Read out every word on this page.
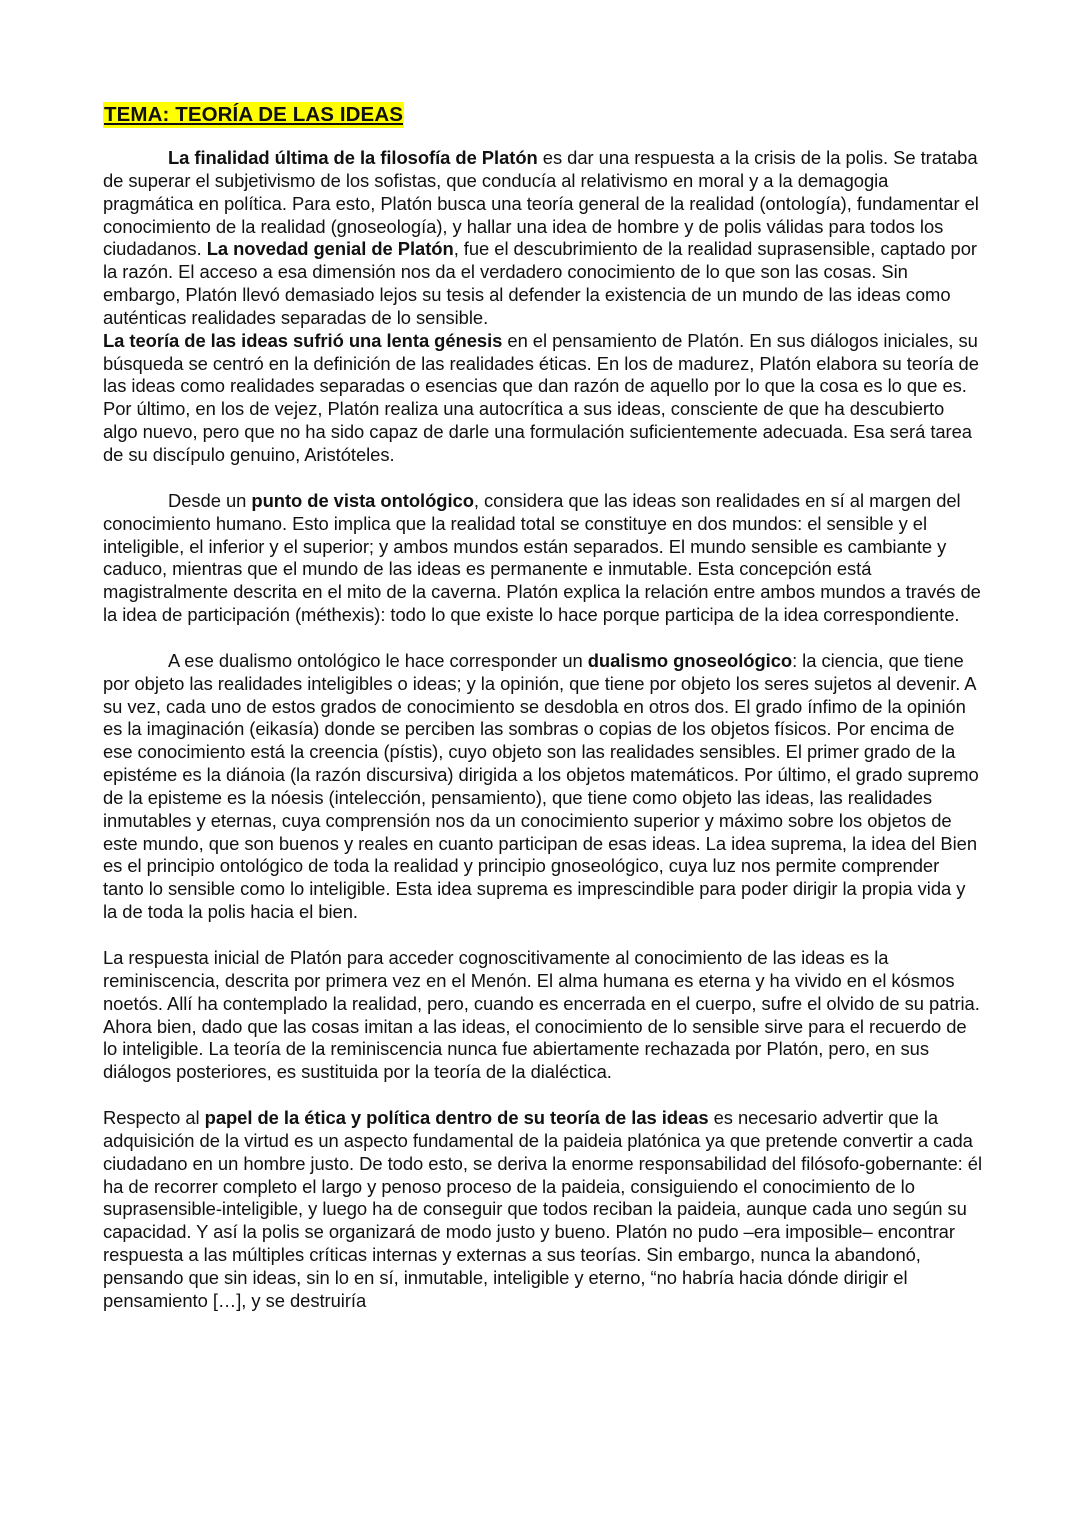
TEMA: TEORÍA DE LAS IDEAS

La finalidad última de la filosofía de Platón es dar una respuesta a la crisis de la polis. Se trataba de superar el subjetivismo de los sofistas, que conducía al relativismo en moral y a la demagogia pragmática en política. Para esto, Platón busca una teoría general de la realidad (ontología), fundamentar el conocimiento de la realidad (gnoseología), y hallar una idea de hombre y de polis válidas para todos los ciudadanos. La novedad genial de Platón, fue el descubrimiento de la realidad suprasensible, captado por la razón. El acceso a esa dimensión nos da el verdadero conocimiento de lo que son las cosas. Sin embargo, Platón llevó demasiado lejos su tesis al defender la existencia de un mundo de las ideas como auténticas realidades separadas de lo sensible.

La teoría de las ideas sufrió una lenta génesis en el pensamiento de Platón. En sus diálogos iniciales, su búsqueda se centró en la definición de las realidades éticas. En los de madurez, Platón elabora su teoría de las ideas como realidades separadas o esencias que dan razón de aquello por lo que la cosa es lo que es. Por último, en los de vejez, Platón realiza una autocrítica a sus ideas, consciente de que ha descubierto algo nuevo, pero que no ha sido capaz de darle una formulación suficientemente adecuada. Esa será tarea de su discípulo genuino, Aristóteles.

Desde un punto de vista ontológico, considera que las ideas son realidades en sí al margen del conocimiento humano. Esto implica que la realidad total se constituye en dos mundos: el sensible y el inteligible, el inferior y el superior; y ambos mundos están separados. El mundo sensible es cambiante y caduco, mientras que el mundo de las ideas es permanente e inmutable. Esta concepción está magistralmente descrita en el mito de la caverna. Platón explica la relación entre ambos mundos a través de la idea de participación (méthexis): todo lo que existe lo hace porque participa de la idea correspondiente.

A ese dualismo ontológico le hace corresponder un dualismo gnoseológico: la ciencia, que tiene por objeto las realidades inteligibles o ideas; y la opinión, que tiene por objeto los seres sujetos al devenir. A su vez, cada uno de estos grados de conocimiento se desdobla en otros dos. El grado ínfimo de la opinión es la imaginación (eikasía) donde se perciben las sombras o copias de los objetos físicos. Por encima de ese conocimiento está la creencia (pístis), cuyo objeto son las realidades sensibles. El primer grado de la epistéme es la diánoia (la razón discursiva) dirigida a los objetos matemáticos. Por último, el grado supremo de la episteme es la nóesis (intelección, pensamiento), que tiene como objeto las ideas, las realidades inmutables y eternas, cuya comprensión nos da un conocimiento superior y máximo sobre los objetos de este mundo, que son buenos y reales en cuanto participan de esas ideas. La idea suprema, la idea del Bien es el principio ontológico de toda la realidad y principio gnoseológico, cuya luz nos permite comprender tanto lo sensible como lo inteligible. Esta idea suprema es imprescindible para poder dirigir la propia vida y la de toda la polis hacia el bien.

La respuesta inicial de Platón para acceder cognoscitivamente al conocimiento de las ideas es la reminiscencia, descrita por primera vez en el Menón. El alma humana es eterna y ha vivido en el kósmos noetós. Allí ha contemplado la realidad, pero, cuando es encerrada en el cuerpo, sufre el olvido de su patria. Ahora bien, dado que las cosas imitan a las ideas, el conocimiento de lo sensible sirve para el recuerdo de lo inteligible. La teoría de la reminiscencia nunca fue abiertamente rechazada por Platón, pero, en sus diálogos posteriores, es sustituida por la teoría de la dialéctica.

Respecto al papel de la ética y política dentro de su teoría de las ideas es necesario advertir que la adquisición de la virtud es un aspecto fundamental de la paideia platónica ya que pretende convertir a cada ciudadano en un hombre justo. De todo esto, se deriva la enorme responsabilidad del filósofo-gobernante: él ha de recorrer completo el largo y penoso proceso de la paideia, consiguiendo el conocimiento de lo suprasensible-inteligible, y luego ha de conseguir que todos reciban la paideia, aunque cada uno según su capacidad. Y así la polis se organizará de modo justo y bueno. Platón no pudo –era imposible– encontrar respuesta a las múltiples críticas internas y externas a sus teorías. Sin embargo, nunca la abandonó, pensando que sin ideas, sin lo en sí, inmutable, inteligible y eterno, “no habría hacia dónde dirigir el pensamiento […], y se destruiría
